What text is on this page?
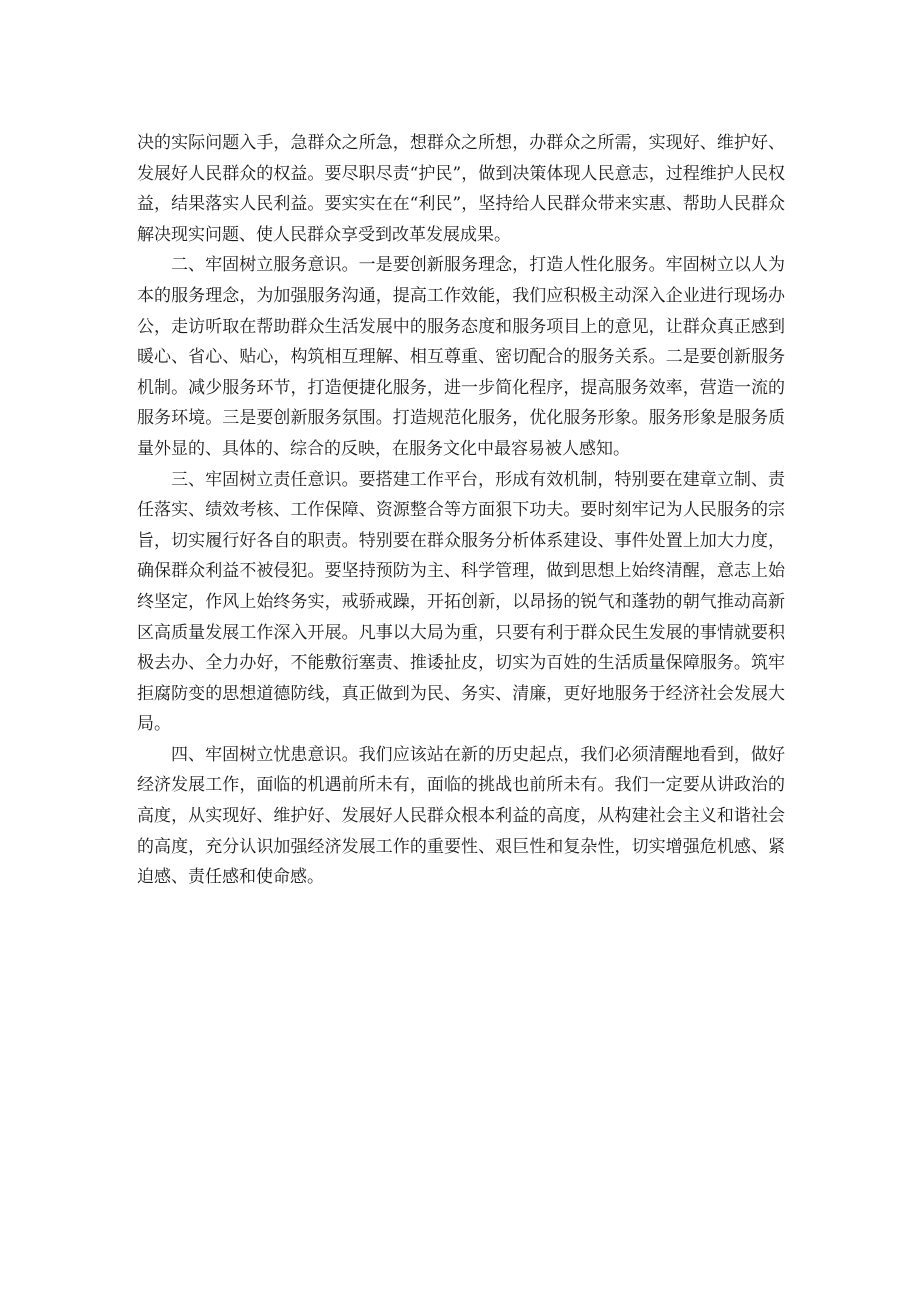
决的实际问题入手，急群众之所急，想群众之所想，办群众之所需，实现好、维护好、发展好人民群众的权益。要尽职尽责“护民”，做到决策体现人民意志，过程维护人民权益，结果落实人民利益。要实实在在“利民”，坚持给人民群众带来实惠、帮助人民群众解决现实问题、使人民群众享受到改革发展成果。

二、牢固树立服务意识。一是要创新服务理念，打造人性化服务。牢固树立以人为本的服务理念，为加强服务沟通，提高工作效能，我们应积极主动深入企业进行现场办公，走访听取在帮助群众生活发展中的服务态度和服务项目上的意见，让群众真正感到暖心、省心、贴心，构筑相互理解、相互尊重、密切配合的服务关系。二是要创新服务机制。减少服务环节，打造便捷化服务，进一步简化程序，提高服务效率，营造一流的服务环境。三是要创新服务氛围。打造规范化服务，优化服务形象。服务形象是服务质量外显的、具体的、综合的反映，在服务文化中最容易被人感知。

三、牢固树立责任意识。要搭建工作平台，形成有效机制，特别要在建章立制、责任落实、绩效考核、工作保障、资源整合等方面狠下功夫。要时刻牢记为人民服务的宗旨，切实履行好各自的职责。特别要在群众服务分析体系建设、事件处置上加大力度，确保群众利益不被侵犯。要坚持预防为主、科学管理，做到思想上始终清醒，意志上始终坚定，作风上始终务实，戒骄戒躁，开拓创新，以昂扬的锐气和蓬勃的朝气推动高新区高质量发展工作深入开展。凡事以大局为重，只要有利于群众民生发展的事情就要积极去办、全力办好，不能敷衍塞责、推诿扯皮，切实为百姓的生活质量保障服务。筑牢拒腐防变的思想道德防线，真正做到为民、务实、清廉，更好地服务于经济社会发展大局。

四、牢固树立忧患意识。我们应该站在新的历史起点，我们必须清醒地看到，做好经济发展工作，面临的机遇前所未有，面临的挑战也前所未有。我们一定要从讲政治的高度，从实现好、维护好、发展好人民群众根本利益的高度，从构建社会主义和谐社会的高度，充分认识加强经济发展工作的重要性、艰巨性和复杂性，切实增强危机感、紧迫感、责任感和使命感。
